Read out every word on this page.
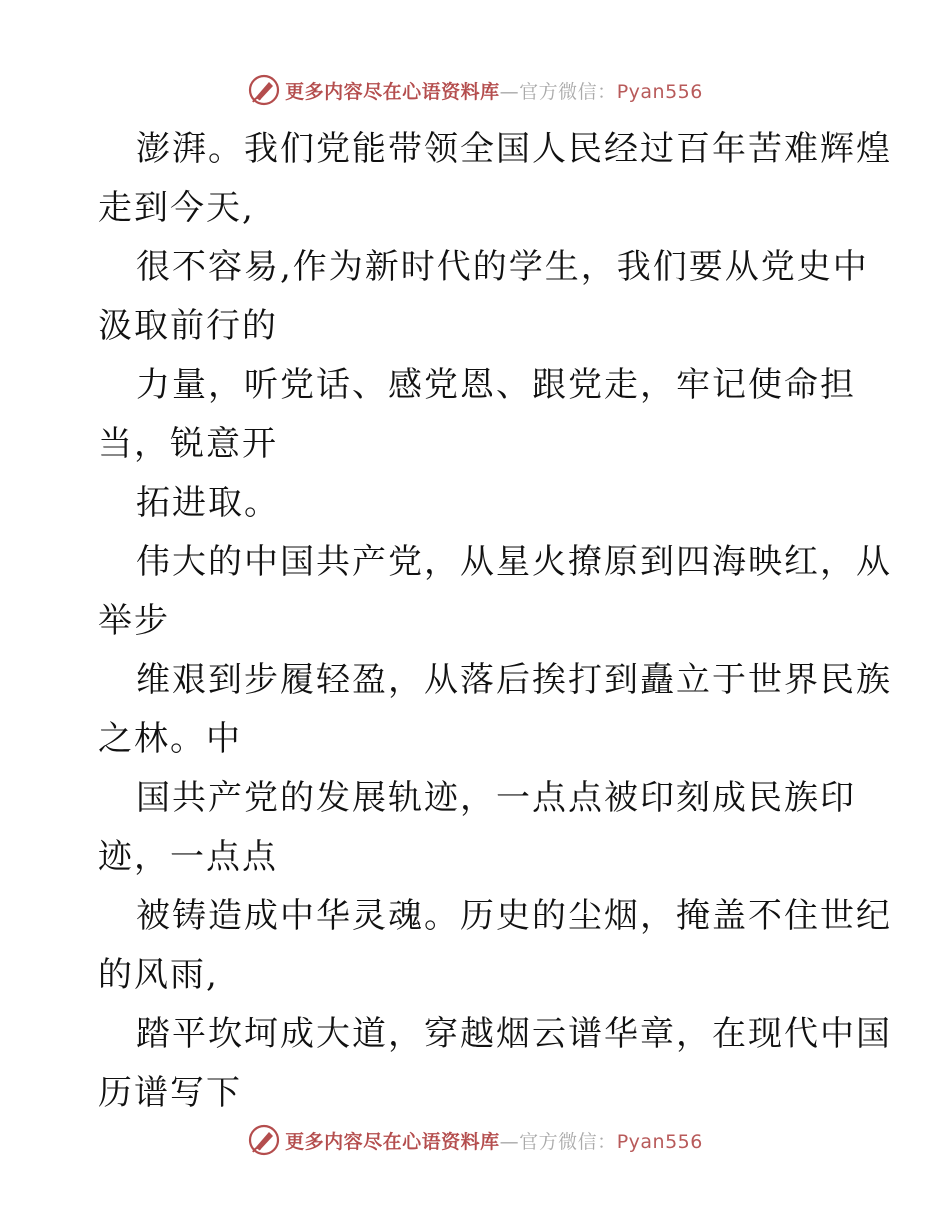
更多内容尽在心语资料库—官方微信：Pyan556
澎湃。我们党能带领全国人民经过百年苦难辉煌
走到今天,
很不容易,作为新时代的学生，我们要从党史中
汲取前行的
力量，听党话、感党恩、跟党走，牢记使命担
当，锐意开
拓进取。
伟大的中国共产党，从星火撩原到四海映红，从
举步
维艰到步履轻盈，从落后挨打到矗立于世界民族
之林。中
国共产党的发展轨迹，一点点被印刻成民族印
迹，一点点
被铸造成中华灵魂。历史的尘烟，掩盖不住世纪
的风雨,
踏平坎坷成大道，穿越烟云谱华章，在现代中国
历谱写下
更多内容尽在心语资料库—官方微信：Pyan556
